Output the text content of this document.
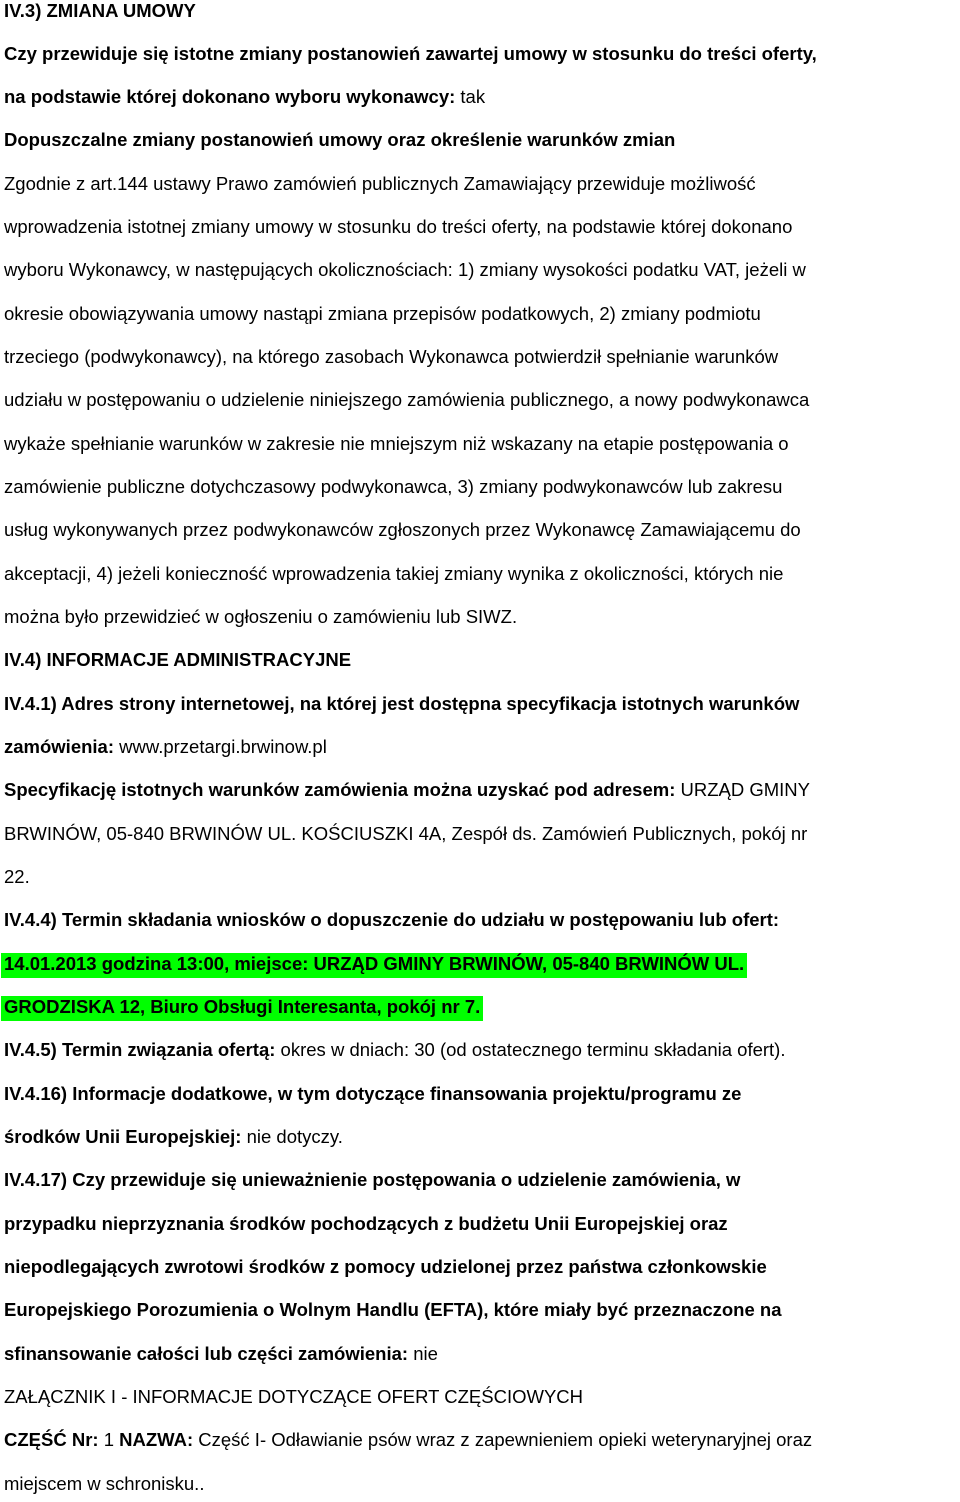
IV.3) ZMIANA UMOWY
Czy przewiduje się istotne zmiany postanowień zawartej umowy w stosunku do treści oferty,
na podstawie której dokonano wyboru wykonawcy: tak
Dopuszczalne zmiany postanowień umowy oraz określenie warunków zmian
Zgodnie z art.144 ustawy Prawo zamówień publicznych Zamawiający przewiduje możliwość
wprowadzenia istotnej zmiany umowy w stosunku do treści oferty, na podstawie której dokonano
wyboru Wykonawcy, w następujących okolicznościach: 1) zmiany wysokości podatku VAT, jeżeli w
okresie obowiązywania umowy nastąpi zmiana przepisów podatkowych, 2) zmiany podmiotu
trzeciego (podwykonawcy), na którego zasobach Wykonawca potwierdził spełnianie warunków
udziału w postępowaniu o udzielenie niniejszego zamówienia publicznego, a nowy podwykonawca
wykaże spełnianie warunków w zakresie nie mniejszym niż wskazany na etapie postępowania o
zamówienie publiczne dotychczasowy podwykonawca, 3) zmiany podwykonawców lub zakresu
usług wykonywanych przez podwykonawców zgłoszonych przez Wykonawcę Zamawiającemu do
akceptacji, 4) jeżeli konieczność wprowadzenia takiej zmiany wynika z okoliczności, których nie
można było przewidzieć w ogłoszeniu o zamówieniu lub SIWZ.
IV.4) INFORMACJE ADMINISTRACYJNE
IV.4.1) Adres strony internetowej, na której jest dostępna specyfikacja istotnych warunków
zamówienia: www.przetargi.brwinow.pl
Specyfikację istotnych warunków zamówienia można uzyskać pod adresem: URZĄD GMINY
BRWINÓW, 05-840 BRWINÓW UL. KOŚCIUSZKI 4A, Zespół ds. Zamówień Publicznych, pokój nr
22.
IV.4.4) Termin składania wniosków o dopuszczenie do udziału w postępowaniu lub ofert:
14.01.2013 godzina 13:00, miejsce: URZĄD GMINY BRWINÓW, 05-840 BRWINÓW UL.
GRODZISKA 12, Biuro Obsługi Interesanta, pokój nr 7.
IV.4.5) Termin związania ofertą: okres w dniach: 30 (od ostatecznego terminu składania ofert).
IV.4.16) Informacje dodatkowe, w tym dotyczące finansowania projektu/programu ze
środków Unii Europejskiej: nie dotyczy.
IV.4.17) Czy przewiduje się unieważnienie postępowania o udzielenie zamówienia, w
przypadku nieprzyznania środków pochodzących z budżetu Unii Europejskiej oraz
niepodlegających zwrotowi środków z pomocy udzielonej przez państwa członkowskie
Europejskiego Porozumienia o Wolnym Handlu (EFTA), które miały być przeznaczone na
sfinansowanie całości lub części zamówienia: nie
ZAŁĄCZNIK I - INFORMACJE DOTYCZĄCE OFERT CZĘŚCIOWYCH
CZĘŚĆ Nr: 1 NAZWA: Część I- Odławianie psów wraz z zapewnieniem opieki weterynaryjnej oraz
miejscem w schronisku..
